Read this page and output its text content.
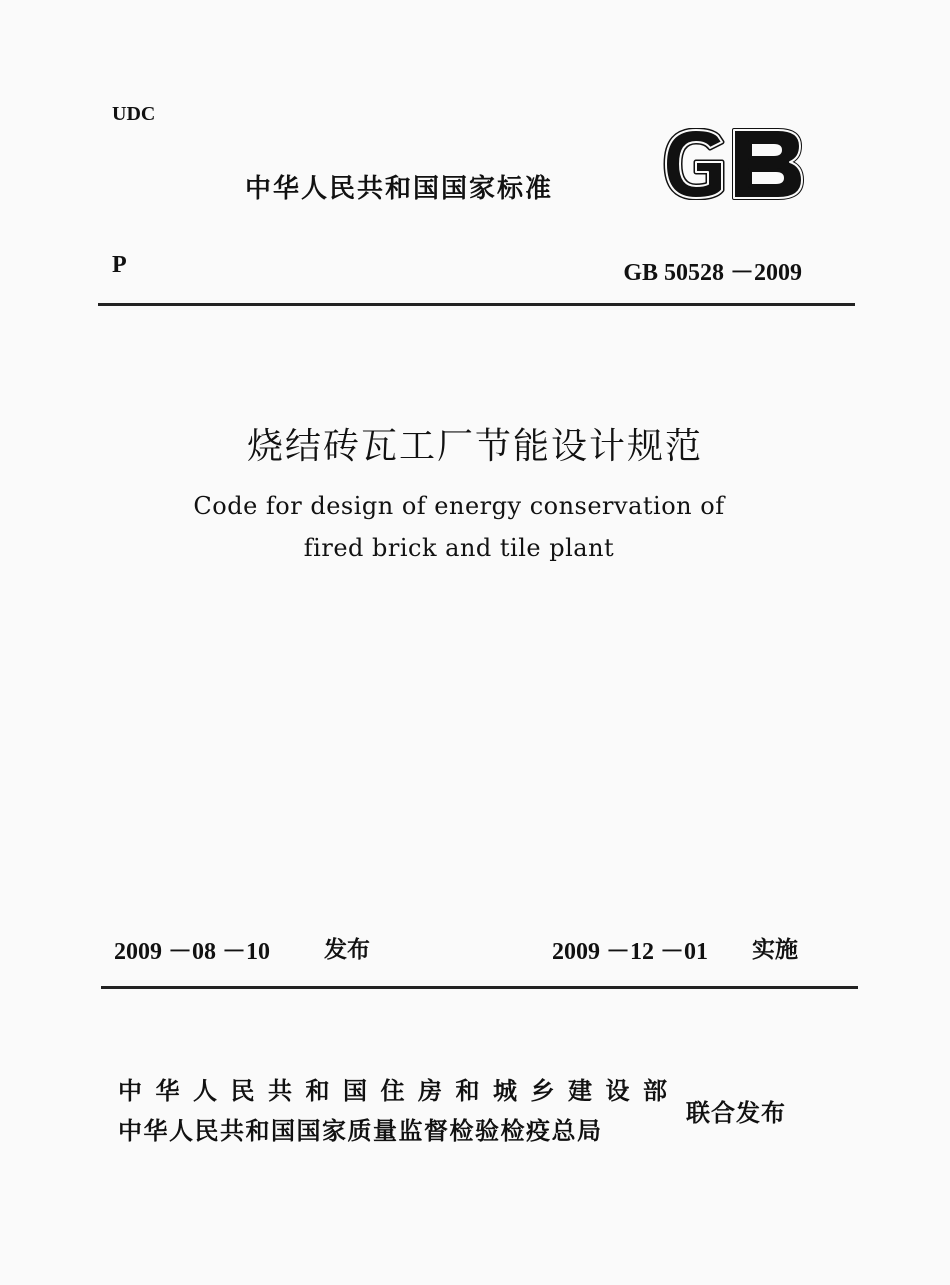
UDC
中华人民共和国国家标准
P	GB 50528 －2009
烧结砖瓦工厂节能设计规范
Code for design of energy conservation of
fired brick and tile plant
2009 －08 －10 发布	2009 －12 －01 实施
中华人民共和国住房和城乡建设部
中华人民共和国国家质量监督检验检疫总局
联合发布
